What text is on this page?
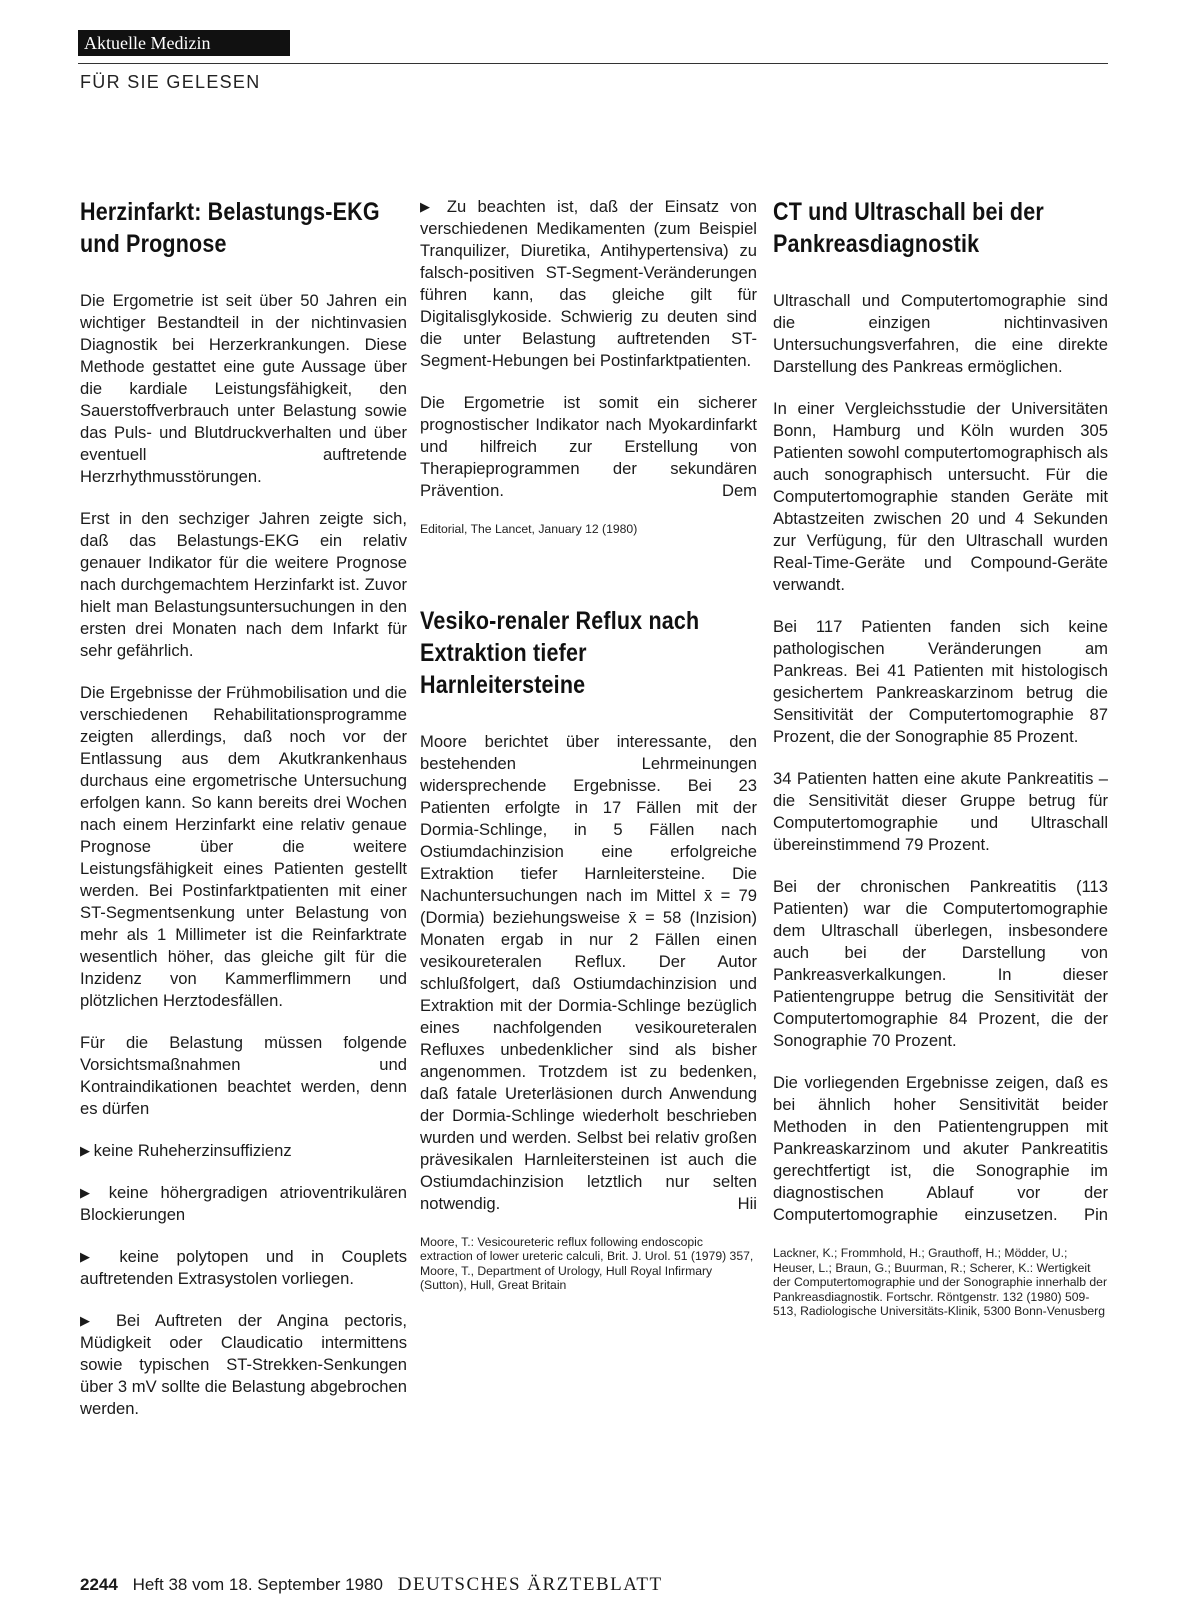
Aktuelle Medizin
FÜR SIE GELESEN
Herzinfarkt: Belastungs-EKG und Prognose

Die Ergometrie ist seit über 50 Jahren ein wichtiger Bestandteil in der nichtinvasien Diagnostik bei Herzerkrankungen. Diese Methode gestattet eine gute Aussage über die kardiale Leistungsfähigkeit, den Sauerstoffverbrauch unter Belastung sowie das Puls- und Blutdruckverhalten und über eventuell auftretende Herzrhythmusstörungen.

Erst in den sechziger Jahren zeigte sich, daß das Belastungs-EKG ein relativ genauer Indikator für die weitere Prognose nach durchgemachtem Herzinfarkt ist. Zuvor hielt man Belastungsuntersuchungen in den ersten drei Monaten nach dem Infarkt für sehr gefährlich.

Die Ergebnisse der Frühmobilisation und die verschiedenen Rehabilitationsprogramme zeigten allerdings, daß noch vor der Entlassung aus dem Akutkrankenhaus durchaus eine ergometrische Untersuchung erfolgen kann. So kann bereits drei Wochen nach einem Herzinfarkt eine relativ genaue Prognose über die weitere Leistungsfähigkeit eines Patienten gestellt werden. Bei Postinfarktpatienten mit einer ST-Segmentsenkung unter Belastung von mehr als 1 Millimeter ist die Reinfarktrate wesentlich höher, das gleiche gilt für die Inzidenz von Kammerflimmern und plötzlichen Herztodesfällen.

Für die Belastung müssen folgende Vorsichtsmaßnahmen und Kontraindikationen beachtet werden, denn es dürfen

▶ keine Ruheherzinsuffizienz

▶ keine höhergradigen atrioventrikulären Blockierungen

▶ keine polytopen und in Couplets auftretenden Extrasystolen vorliegen.

▶ Bei Auftreten der Angina pectoris, Müdigkeit oder Claudicatio intermittens sowie typischen ST-Strekken-Senkungen über 3 mV sollte die Belastung abgebrochen werden.

▶ Zu beachten ist, daß der Einsatz von verschiedenen Medikamenten (zum Beispiel Tranquilizer, Diuretika, Antihypertensiva) zu falsch-positiven ST-Segment-Veränderungen führen kann, das gleiche gilt für Digitalisglykoside. Schwierig zu deuten sind die unter Belastung auftretenden ST-Segment-Hebungen bei Postinfarktpatienten.

Die Ergometrie ist somit ein sicherer prognostischer Indikator nach Myokardinfarkt und hilfreich zur Erstellung von Therapieprogrammen der sekundären Prävention. Dem

Editorial, The Lancet, January 12 (1980)

Vesiko-renaler Reflux nach Extraktion tiefer Harnleitersteine

Moore berichtet über interessante, den bestehenden Lehrmeinungen widersprechende Ergebnisse. Bei 23 Patienten erfolgte in 17 Fällen mit der Dormia-Schlinge, in 5 Fällen nach Ostiumdachinzision eine erfolgreiche Extraktion tiefer Harnleitersteine. Die Nachuntersuchungen nach im Mittel x̄ = 79 (Dormia) beziehungsweise x̄ = 58 (Inzision) Monaten ergab in nur 2 Fällen einen vesikoureteralen Reflux. Der Autor schlußfolgert, daß Ostiumdachinzision und Extraktion mit der Dormia-Schlinge bezüglich eines nachfolgenden vesikoureteralen Refluxes unbedenklicher sind als bisher angenommen. Trotzdem ist zu bedenken, daß fatale Ureterläsionen durch Anwendung der Dormia-Schlinge wiederholt beschrieben wurden und werden. Selbst bei relativ großen prävesikalen Harnleitersteinen ist auch die Ostiumdachinzision letztlich nur selten notwendig. Hii

Moore, T.: Vesicoureteric reflux following endoscopic extraction of lower ureteric calculi, Brit. J. Urol. 51 (1979) 357, Moore, T., Department of Urology, Hull Royal Infirmary (Sutton), Hull, Great Britain

CT und Ultraschall bei der Pankreasdiagnostik

Ultraschall und Computertomographie sind die einzigen nichtinvasiven Untersuchungsverfahren, die eine direkte Darstellung des Pankreas ermöglichen.

In einer Vergleichsstudie der Universitäten Bonn, Hamburg und Köln wurden 305 Patienten sowohl computertomographisch als auch sonographisch untersucht. Für die Computertomographie standen Geräte mit Abtastzeiten zwischen 20 und 4 Sekunden zur Verfügung, für den Ultraschall wurden Real-Time-Geräte und Compound-Geräte verwandt.

Bei 117 Patienten fanden sich keine pathologischen Veränderungen am Pankreas. Bei 41 Patienten mit histologisch gesichertem Pankreaskarzinom betrug die Sensitivität der Computertomographie 87 Prozent, die der Sonographie 85 Prozent.

34 Patienten hatten eine akute Pankreatitis – die Sensitivität dieser Gruppe betrug für Computertomographie und Ultraschall übereinstimmend 79 Prozent.

Bei der chronischen Pankreatitis (113 Patienten) war die Computertomographie dem Ultraschall überlegen, insbesondere auch bei der Darstellung von Pankreasverkalkungen. In dieser Patientengruppe betrug die Sensitivität der Computertomographie 84 Prozent, die der Sonographie 70 Prozent.

Die vorliegenden Ergebnisse zeigen, daß es bei ähnlich hoher Sensitivität beider Methoden in den Patientengruppen mit Pankreaskarzinom und akuter Pankreatitis gerechtfertigt ist, die Sonographie im diagnostischen Ablauf vor der Computertomographie einzusetzen. Pin

Lackner, K.; Frommhold, H.; Grauthoff, H.; Mödder, U.; Heuser, L.; Braun, G.; Buurman, R.; Scherer, K.: Wertigkeit der Computertomographie und der Sonographie innerhalb der Pankreasdiagnostik. Fortschr. Röntgenstr. 132 (1980) 509-513, Radiologische Universitäts-Klinik, 5300 Bonn-Venusberg

2244 Heft 38 vom 18. September 1980 DEUTSCHES ÄRZTEBLATT
